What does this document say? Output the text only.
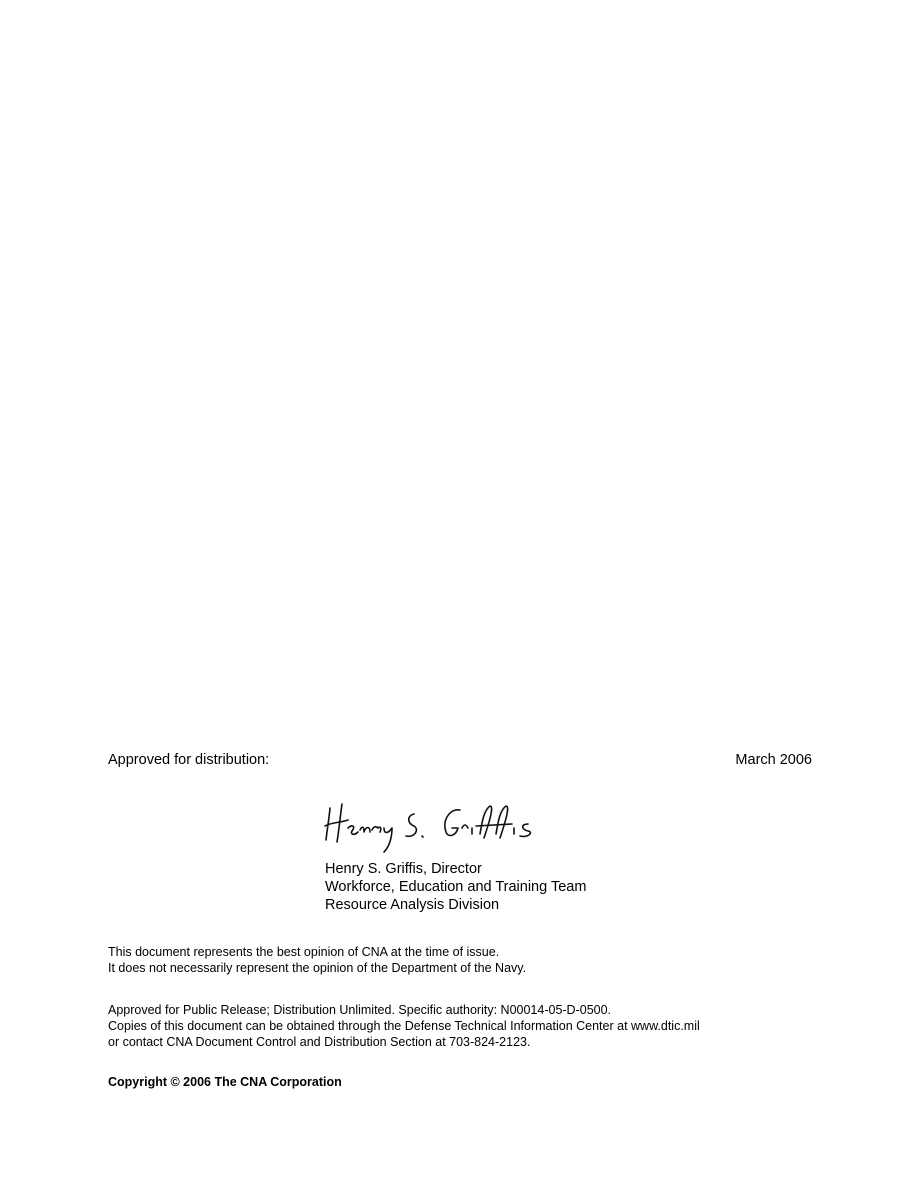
Approved for distribution:	March 2006
Henry S. Griffis, Director
Workforce, Education and Training Team
Resource Analysis Division
This document represents the best opinion of CNA at the time of issue.
It does not necessarily represent the opinion of the Department of the Navy.
Approved for Public Release; Distribution Unlimited. Specific authority: N00014-05-D-0500.
Copies of this document can be obtained through the Defense Technical Information Center at www.dtic.mil
or contact CNA Document Control and Distribution Section at 703-824-2123.
Copyright © 2006 The CNA Corporation
